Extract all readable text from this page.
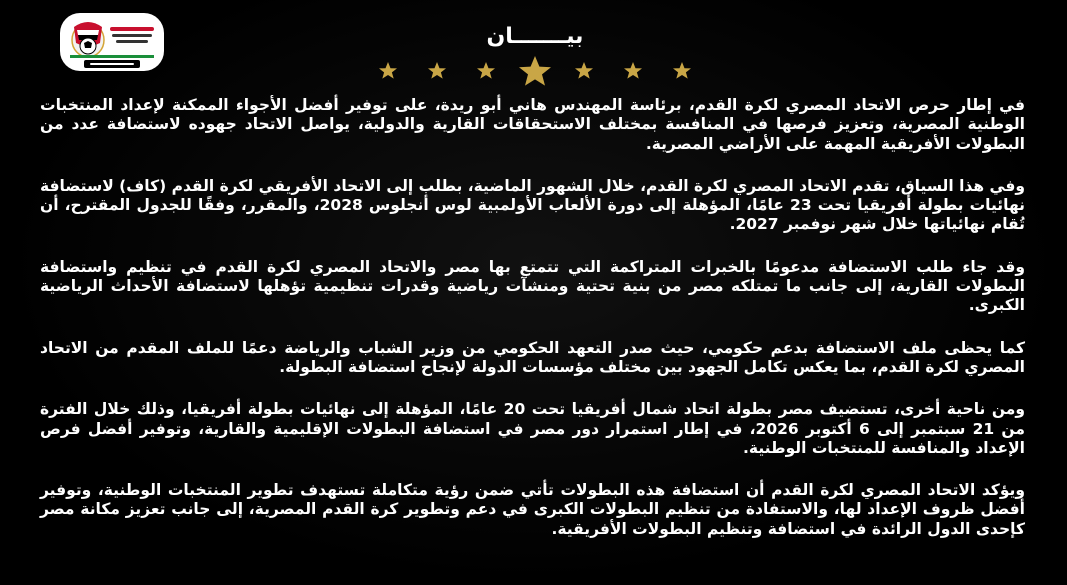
بيـــــــان

في إطار حرص الاتحاد المصري لكرة القدم، برئاسة المهندس هاني أبو ريدة، على توفير أفضل الأجواء الممكنة لإعداد المنتخبات الوطنية المصرية، وتعزيز فرصها في المنافسة بمختلف الاستحقاقات القارية والدولية، يواصل الاتحاد جهوده لاستضافة عدد من البطولات الأفريقية المهمة على الأراضي المصرية.

وفي هذا السياق، تقدم الاتحاد المصري لكرة القدم، خلال الشهور الماضية، بطلب إلى الاتحاد الأفريقي لكرة القدم (كاف) لاستضافة نهائيات بطولة أفريقيا تحت 23 عامًا، المؤهلة إلى دورة الألعاب الأولمبية لوس أنجلوس 2028، والمقرر، وفقًا للجدول المقترح، أن تُقام نهائياتها خلال شهر نوفمبر 2027.

وقد جاء طلب الاستضافة مدعومًا بالخبرات المتراكمة التي تتمتع بها مصر والاتحاد المصري لكرة القدم في تنظيم واستضافة البطولات القارية، إلى جانب ما تمتلكه مصر من بنية تحتية ومنشآت رياضية وقدرات تنظيمية تؤهلها لاستضافة الأحداث الرياضية الكبرى.

كما يحظى ملف الاستضافة بدعم حكومي، حيث صدر التعهد الحكومي من وزير الشباب والرياضة دعمًا للملف المقدم من الاتحاد المصري لكرة القدم، بما يعكس تكامل الجهود بين مختلف مؤسسات الدولة لإنجاح استضافة البطولة.

ومن ناحية أخرى، تستضيف مصر بطولة اتحاد شمال أفريقيا تحت 20 عامًا، المؤهلة إلى نهائيات بطولة أفريقيا، وذلك خلال الفترة من 21 سبتمبر إلى 6 أكتوبر 2026، في إطار استمرار دور مصر في استضافة البطولات الإقليمية والقارية، وتوفير أفضل فرص الإعداد والمنافسة للمنتخبات الوطنية.

ويؤكد الاتحاد المصري لكرة القدم أن استضافة هذه البطولات تأتي ضمن رؤية متكاملة تستهدف تطوير المنتخبات الوطنية، وتوفير أفضل ظروف الإعداد لها، والاستفادة من تنظيم البطولات الكبرى في دعم وتطوير كرة القدم المصرية، إلى جانب تعزيز مكانة مصر كإحدى الدول الرائدة في استضافة وتنظيم البطولات الأفريقية.
